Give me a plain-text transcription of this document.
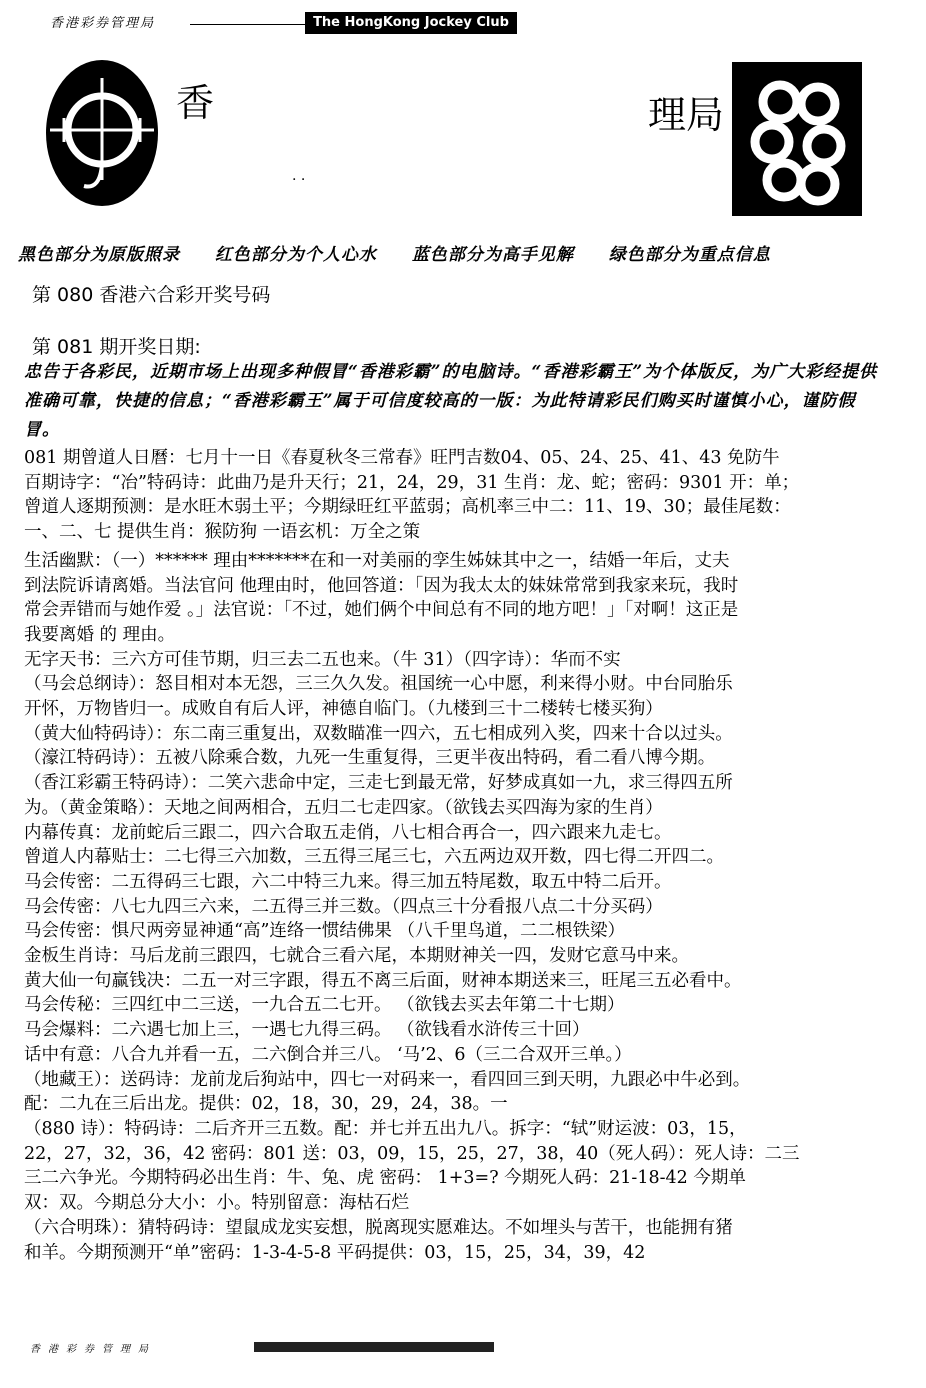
香港彩券管理局	The HongKong Jockey Club
香
. .
理局
黑色部分为原版照录 红色部分为个人心水 蓝色部分为高手见解 绿色部分为重点信息
第 080 香港六合彩开奖号码
第 081 期开奖日期:
忠告于各彩民，近期市场上出现多种假冒“香港彩霸”的电脑诗。“香港彩霸王”为个体版反，为广大彩经提供准确可靠，快捷的信息；“香港彩霸王”属于可信度较高的一版：为此特请彩民们购买时谨慎小心，谨防假冒。

081 期曾道人日曆：七月十一日《春夏秋冬三常春》旺門吉数04、05、24、25、41、43 免防牛

百期诗字：“冶”特码诗：此曲乃是升天行；21，24，29，31 生肖：龙、蛇；密码：9301 开：单；

曾道人逐期预测：是水旺木弱土平；今期绿旺红平蓝弱；高机率三中二：11、19、30；最佳尾数：

一、二、七 提供生肖：猴防狗 一语玄机：万全之策

生活幽默：（一）****** 理由*******在和一对美丽的孪生姊妹其中之一，结婚一年后，丈夫

到法院诉请离婚。当法官问 他理由时，他回答道：「因为我太太的妹妹常常到我家来玩，我时

常会弄错而与她作爱 。」法官说：「不过，她们俩个中间总有不同的地方吧！」「对啊！这正是

我要离婚 的 理由。

无字天书：三六方可佳节期，归三去二五也来。（牛 31）（四字诗）：华而不实

（马会总纲诗）：怒目相对本无怨，三三久久发。祖国统一心中愿，利来得小财。中台同胎乐

开怀，万物皆归一。成败自有后人评，神德自临门。（九楼到三十二楼转七楼买狗）

（黄大仙特码诗）：东二南三重复出，双数瞄准一四六，五七相成列入奖，四来十合以过头。

（濠江特码诗）：五被八除乘合数，九死一生重复得，三更半夜出特码，看二看八博今期。

（香江彩霸王特码诗）：二笑六悲命中定，三走七到最无常，好梦成真如一九，求三得四五所

为。（黄金策略）：天地之间两相合，五归二七走四家。（欲钱去买四海为家的生肖）

内幕传真：龙前蛇后三跟二，四六合取五走俏，八七相合再合一，四六跟来九走七。

曾道人内幕贴士：二七得三六加数，三五得三尾三七，六五两边双开数，四七得二开四二。

马会传密：二五得码三七跟，六二中特三九来。得三加五特尾数，取五中特二后开。

马会传密：八七九四三六来，二五得三并三数。（四点三十分看报八点二十分买码）

马会传密：惧尺两旁显神通“高”连络一惯结佛果 （八千里鸟道，二二根铁梁）

金板生肖诗：马后龙前三跟四，七就合三看六尾，本期财神关一四，发财它意马中来。

黄大仙一句赢钱决：二五一对三字跟，得五不离三后面，财神本期送来三，旺尾三五必看中。

马会传秘：三四红中二三送，一九合五二七开。 （欲钱去买去年第二十七期）

马会爆料：二六遇七加上三，一遇七九得三码。 （欲钱看水浒传三十回）

话中有意：八合九并看一五，二六倒合并三八。 ‘马’2、6（三二合双开三单。）

（地藏王）：送码诗：龙前龙后狗站中，四七一对码来一，看四回三到天明，九跟必中牛必到。

配：二九在三后出龙。提供：02，18，30，29，24，38。一

（880 诗）：特码诗：二后齐开三五数。配：并七并五出九八。拆字：“轼”财运波：03，15，

22，27，32，36，42 密码：801 送：03，09，15，25，27，38，40（死人码）：死人诗：二三

三二六争光。今期特码必出生肖：牛、兔、虎 密码： 1+3=? 今期死人码：21-18-42 今期单

双：双。今期总分大小：小。特别留意：海枯石烂

（六合明珠）：猜特码诗：望鼠成龙实妄想，脱离现实愿难达。不如埋头与苦干，也能拥有猪

和羊。今期预测开“单”密码：1-3-4-5-8 平码提供：03，15，25，34，39，42

香港彩券管理局
